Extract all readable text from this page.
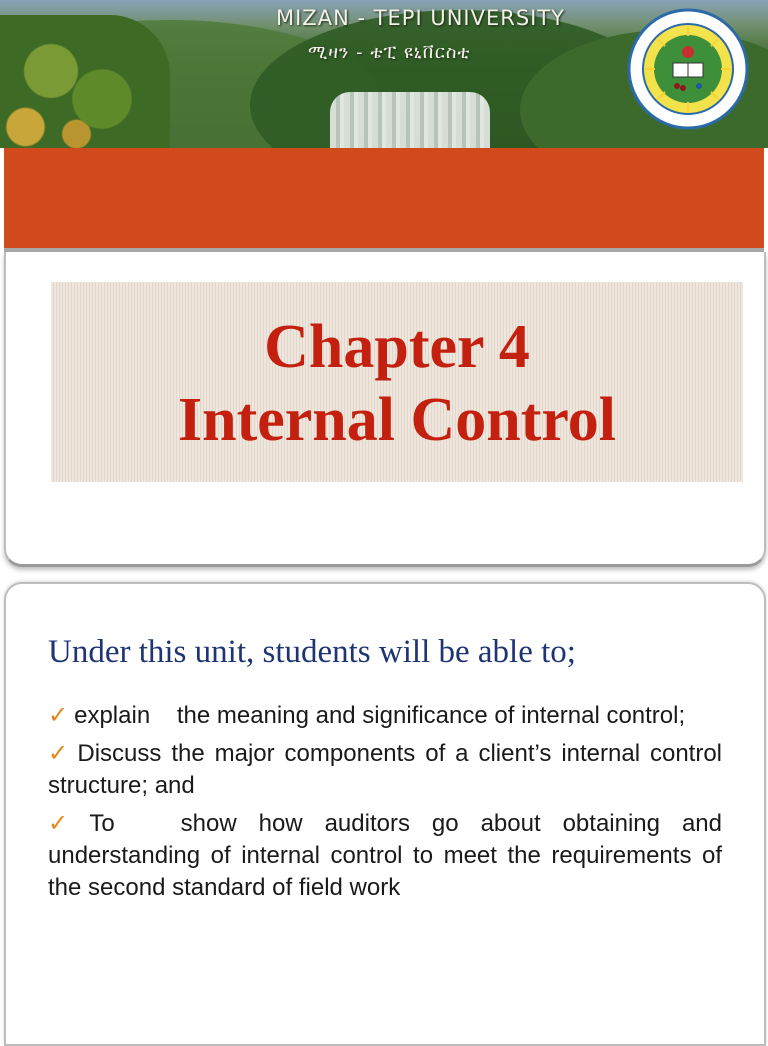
MIZAN - TEPI UNIVERSITY
ሚዛን - ቴፒ ዩኒቨርስቲ
Chapter 4
Internal Control
Under this unit, students will be able to;
✓ explain    the meaning and significance of internal control;
✓ Discuss the major components of a client’s internal control structure; and
✓ To   show how auditors go about obtaining and understanding of internal control to meet the requirements of the second standard of field work
